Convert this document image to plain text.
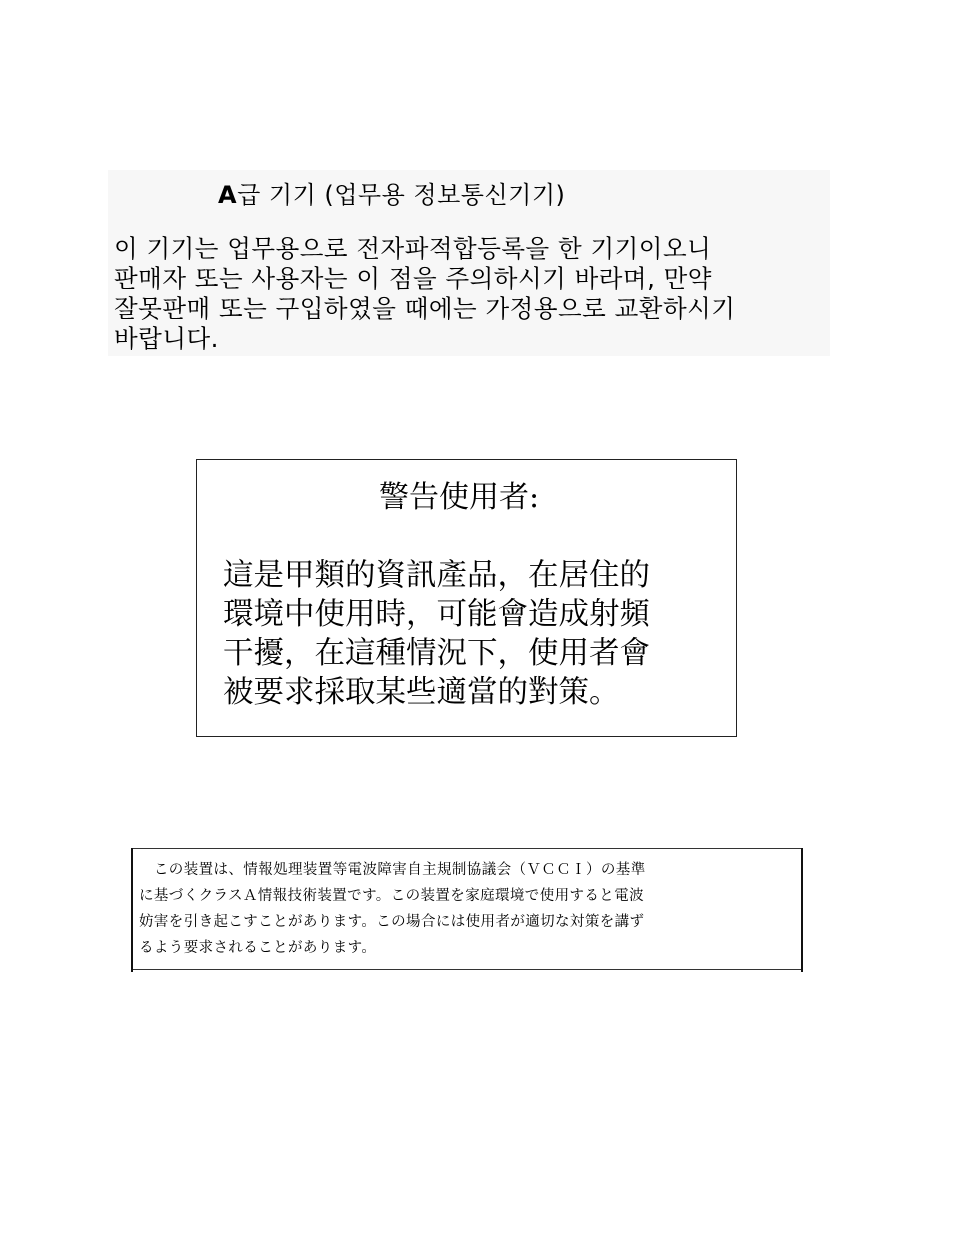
A급 기기 (업무용 정보통신기기)
이 기기는 업무용으로 전자파적합등록을 한 기기이오니
판매자 또는 사용자는 이 점을 주의하시기 바라며, 만약
잘못판매 또는 구입하였을 때에는 가정용으로 교환하시기
바랍니다.
警告使用者:
這是甲類的資訊產品，在居住的
環境中使用時，可能會造成射頻
干擾，在這種情況下，使用者會
被要求採取某些適當的對策。
　この装置は、情報処理装置等電波障害自主規制協議会（ＶＣＣＩ）の基準
に基づくクラスＡ情報技術装置です。この装置を家庭環境で使用すると電波
妨害を引き起こすことがあります。この場合には使用者が適切な対策を講ず
るよう要求されることがあります。
